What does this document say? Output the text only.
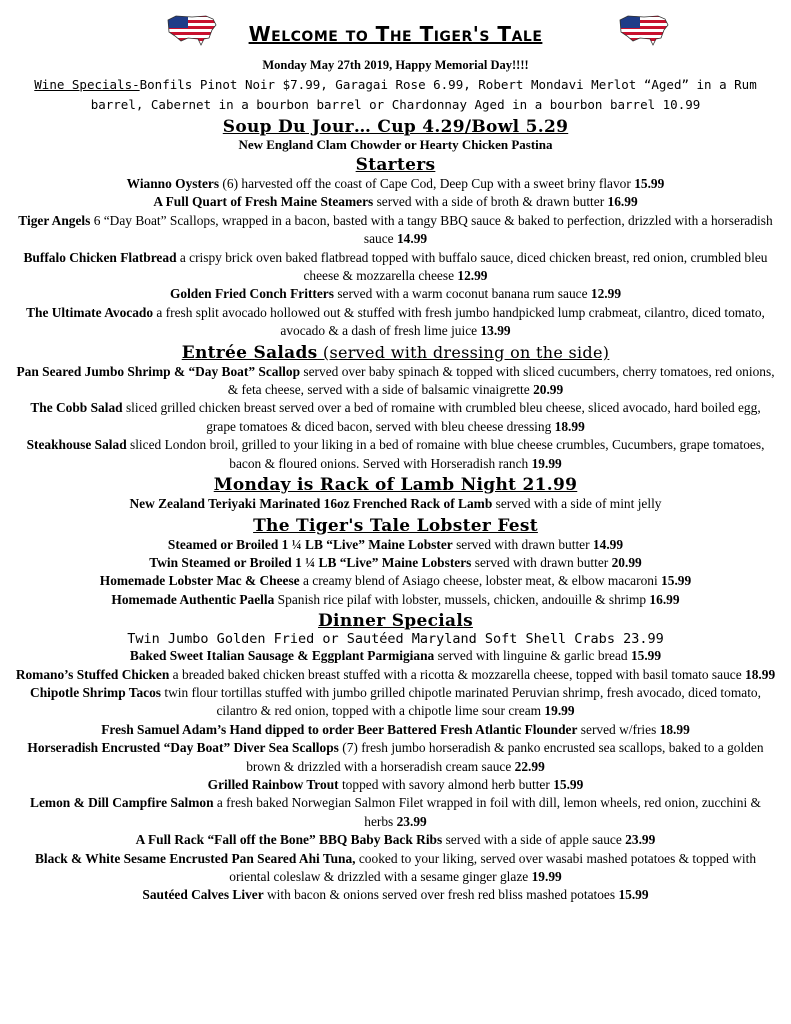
Welcome to The Tiger's Tale
Monday May 27th 2019, Happy Memorial Day!!!!
Wine Specials-Bonfils Pinot Noir $7.99, Garagai Rose 6.99, Robert Mondavi Merlot “Aged” in a Rum barrel, Cabernet in a bourbon barrel or Chardonnay Aged in a bourbon barrel 10.99
Soup Du Jour… Cup 4.29/Bowl 5.29
New England Clam Chowder or Hearty Chicken Pastina
Starters
Wianno Oysters (6) harvested off the coast of Cape Cod, Deep Cup with a sweet briny flavor 15.99
A Full Quart of Fresh Maine Steamers served with a side of broth & drawn butter 16.99
Tiger Angels 6 “Day Boat” Scallops, wrapped in a bacon, basted with a tangy BBQ sauce & baked to perfection, drizzled with a horseradish sauce 14.99
Buffalo Chicken Flatbread a crispy brick oven baked flatbread topped with buffalo sauce, diced chicken breast, red onion, crumbled bleu cheese & mozzarella cheese 12.99
Golden Fried Conch Fritters served with a warm coconut banana rum sauce 12.99
The Ultimate Avocado a fresh split avocado hollowed out & stuffed with fresh jumbo handpicked lump crabmeat, cilantro, diced tomato, avocado & a dash of fresh lime juice 13.99
Entrée Salads (served with dressing on the side)
Pan Seared Jumbo Shrimp & “Day Boat” Scallop served over baby spinach & topped with sliced cucumbers, cherry tomatoes, red onions, & feta cheese, served with a side of balsamic vinaigrette 20.99
The Cobb Salad sliced grilled chicken breast served over a bed of romaine with crumbled bleu cheese, sliced avocado, hard boiled egg, grape tomatoes & diced bacon, served with bleu cheese dressing 18.99
Steakhouse Salad sliced London broil, grilled to your liking in a bed of romaine with blue cheese crumbles, Cucumbers, grape tomatoes, bacon & floured onions. Served with Horseradish ranch 19.99
Monday is Rack of Lamb Night 21.99
New Zealand Teriyaki Marinated 16oz Frenched Rack of Lamb served with a side of mint jelly
The Tiger's Tale Lobster Fest
Steamed or Broiled 1 ¼ LB “Live” Maine Lobster served with drawn butter 14.99
Twin Steamed or Broiled 1 ¼ LB “Live” Maine Lobsters served with drawn butter 20.99
Homemade Lobster Mac & Cheese a creamy blend of Asiago cheese, lobster meat, & elbow macaroni 15.99
Homemade Authentic Paella Spanish rice pilaf with lobster, mussels, chicken, andouille & shrimp 16.99
Dinner Specials
Twin Jumbo Golden Fried or Sautéed Maryland Soft Shell Crabs 23.99
Baked Sweet Italian Sausage & Eggplant Parmigiana served with linguine & garlic bread 15.99
Romano’s Stuffed Chicken a breaded baked chicken breast stuffed with a ricotta & mozzarella cheese, topped with basil tomato sauce 18.99
Chipotle Shrimp Tacos twin flour tortillas stuffed with jumbo grilled chipotle marinated Peruvian shrimp, fresh avocado, diced tomato, cilantro & red onion, topped with a chipotle lime sour cream 19.99
Fresh Samuel Adam’s Hand dipped to order Beer Battered Fresh Atlantic Flounder served w/fries 18.99
Horseradish Encrusted “Day Boat” Diver Sea Scallops (7) fresh jumbo horseradish & panko encrusted sea scallops, baked to a golden brown & drizzled with a horseradish cream sauce 22.99
Grilled Rainbow Trout topped with savory almond herb butter 15.99
Lemon & Dill Campfire Salmon a fresh baked Norwegian Salmon Filet wrapped in foil with dill, lemon wheels, red onion, zucchini & herbs 23.99
A Full Rack “Fall off the Bone” BBQ Baby Back Ribs served with a side of apple sauce 23.99
Black & White Sesame Encrusted Pan Seared Ahi Tuna, cooked to your liking, served over wasabi mashed potatoes & topped with oriental coleslaw & drizzled with a sesame ginger glaze 19.99
Sautéed Calves Liver with bacon & onions served over fresh red bliss mashed potatoes 15.99
